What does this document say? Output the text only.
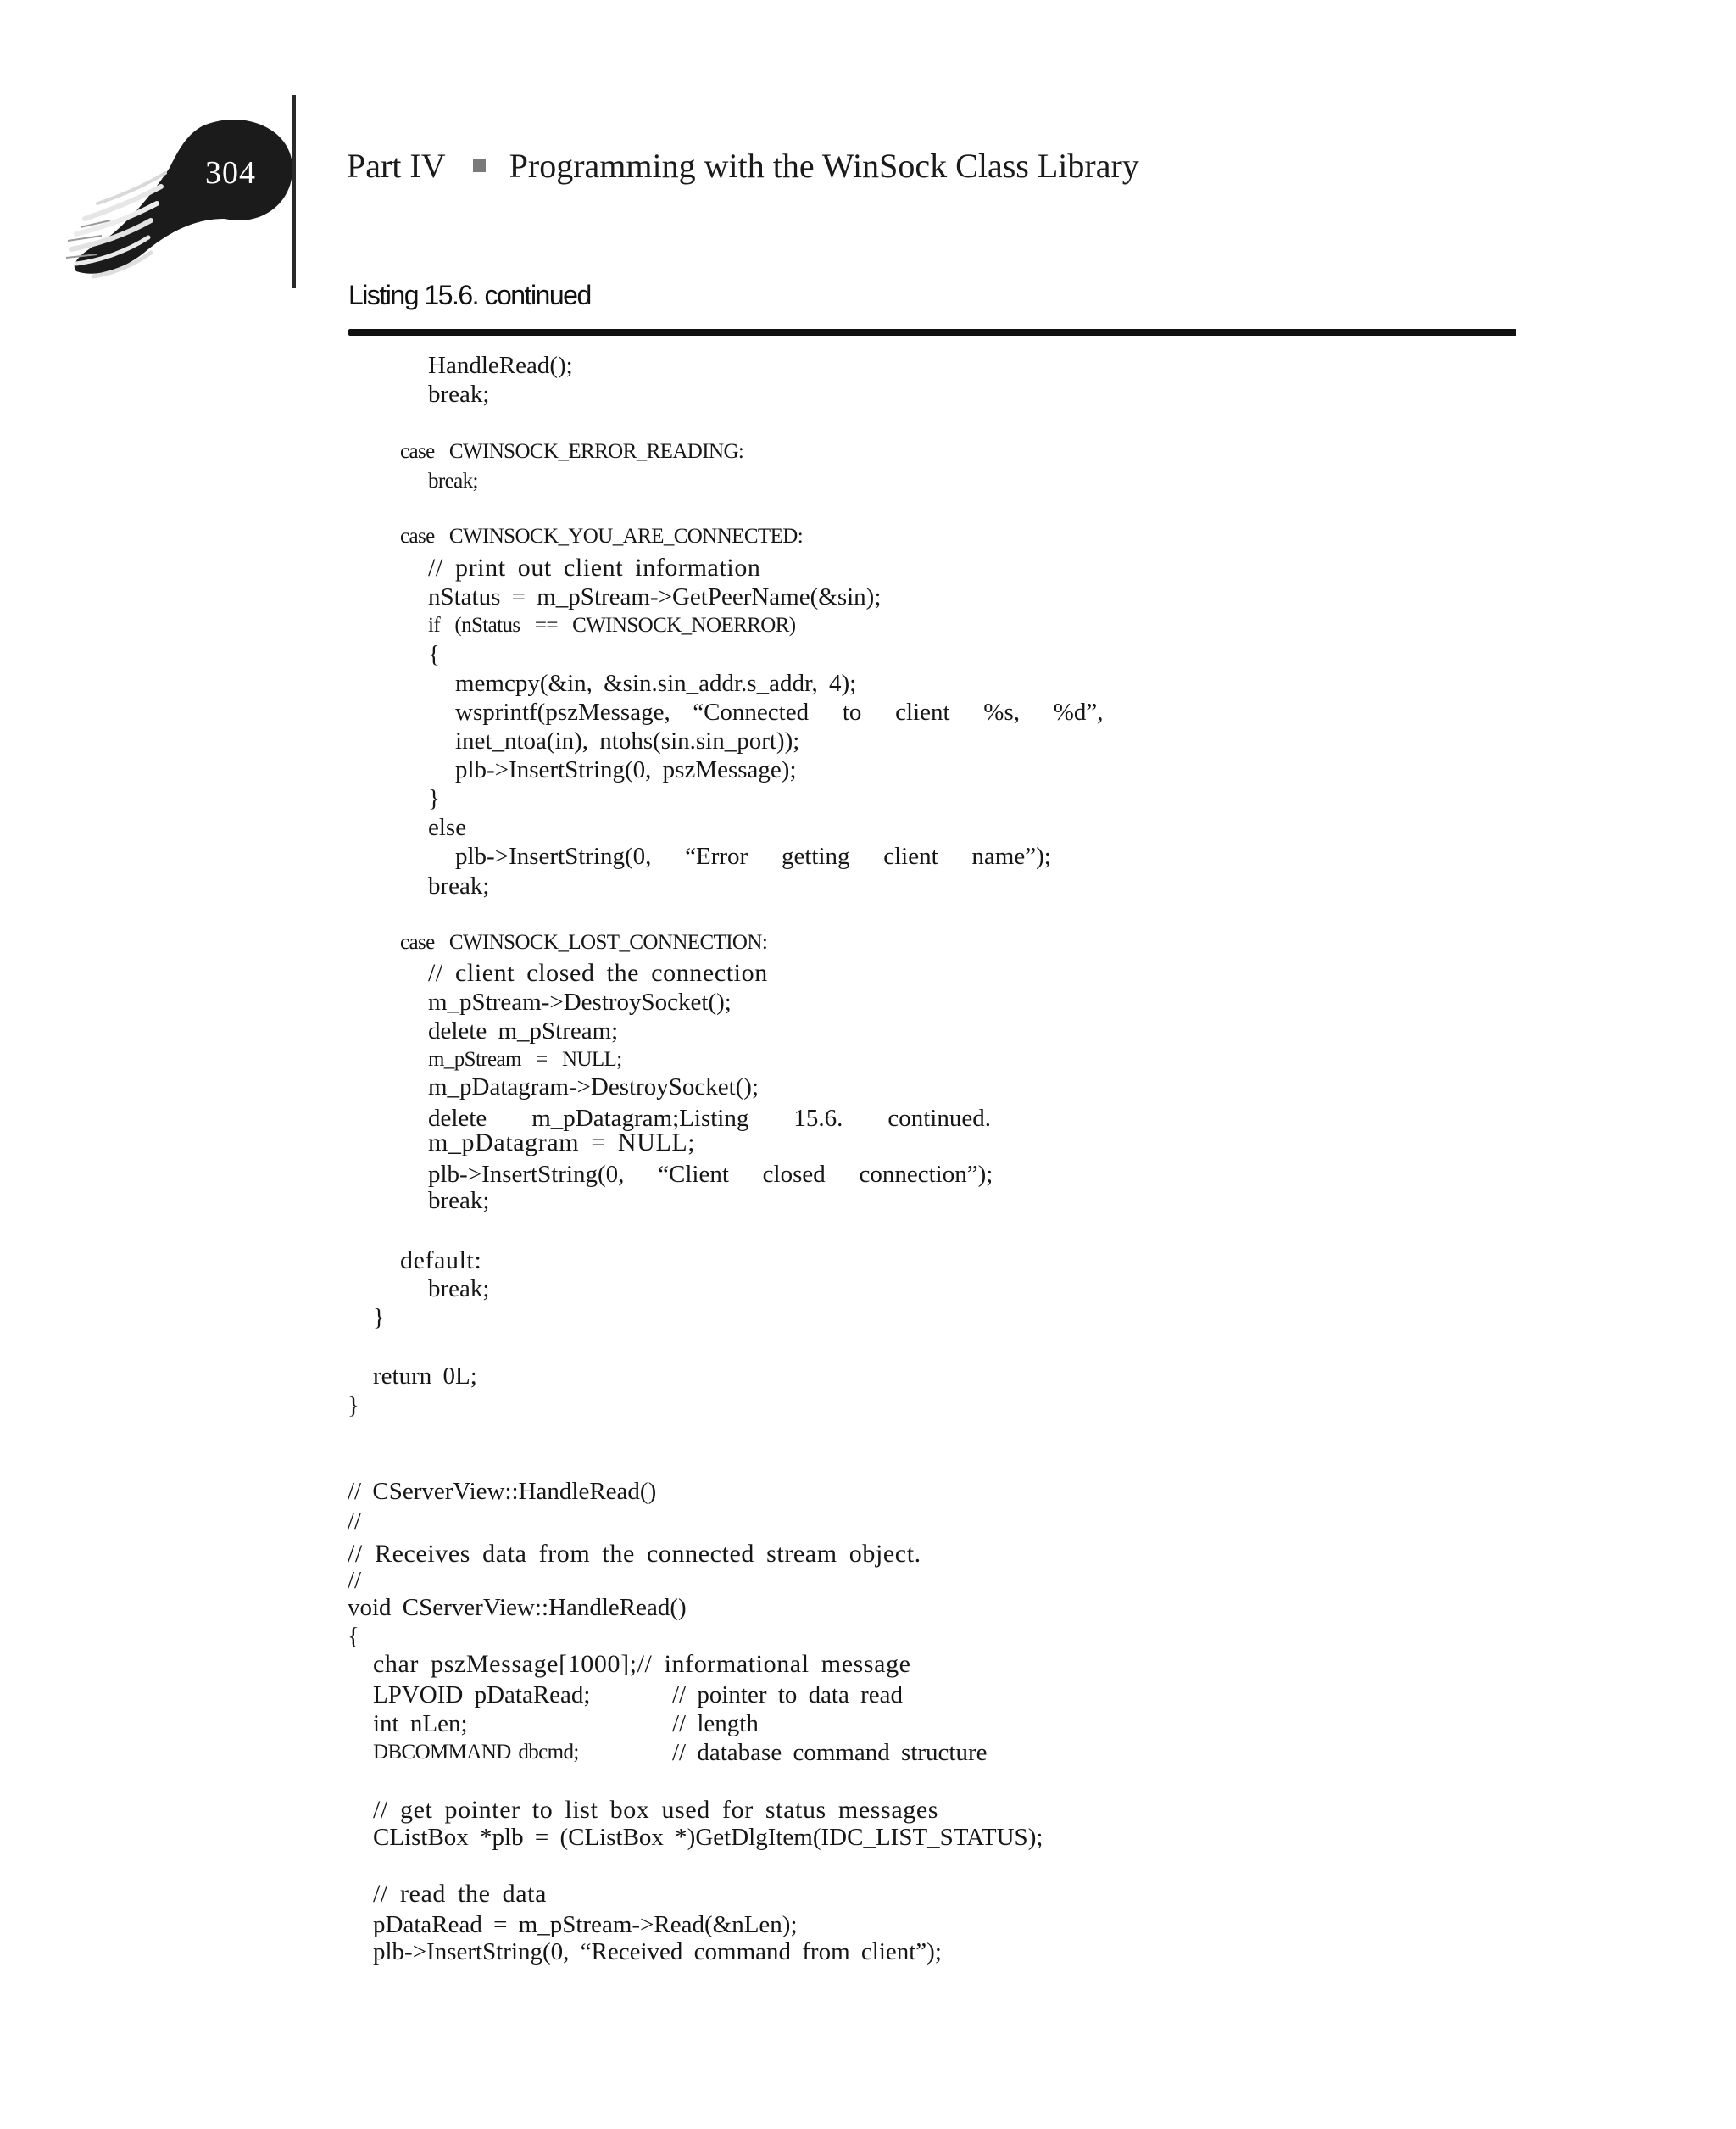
304	Part IV Programming with the WinSock Class Library
Listing 15.6. continued
HandleRead();
break;
case  CWINSOCK_ERROR_READING:
break;
case  CWINSOCK_YOU_ARE_CONNECTED:
// print out client information
nStatus = m_pStream->GetPeerName(&sin);
if  (nStatus  ==  CWINSOCK_NOERROR)
{
memcpy(&in, &sin.sin_addr.s_addr, 4);
wsprintf(pszMessage,  “Connected   to   client   %s,   %d”,
inet_ntoa(in), ntohs(sin.sin_port));
plb->InsertString(0, pszMessage);
}
else
plb->InsertString(0,   “Error   getting   client   name”);
break;
case  CWINSOCK_LOST_CONNECTION:
// client closed the connection
m_pStream->DestroySocket();
delete m_pStream;
m_pStream  =  NULL;
m_pDatagram->DestroySocket();
delete    m_pDatagram;Listing    15.6.    continued.
m_pDatagram = NULL;
plb->InsertString(0,   “Client   closed   connection”);
break;
default:
break;
}
return 0L;
}
// CServerView::HandleRead()
//
// Receives data from the connected stream object.
//
void CServerView::HandleRead()
{
char pszMessage[1000];// informational message
LPVOID pDataRead;	// pointer to data read
int nLen;	// length
DBCOMMAND dbcmd;	// database command structure
// get pointer to list box used for status messages
CListBox *plb = (CListBox *)GetDlgItem(IDC_LIST_STATUS);
// read the data
pDataRead = m_pStream->Read(&nLen);
plb->InsertString(0, “Received command from client”);
